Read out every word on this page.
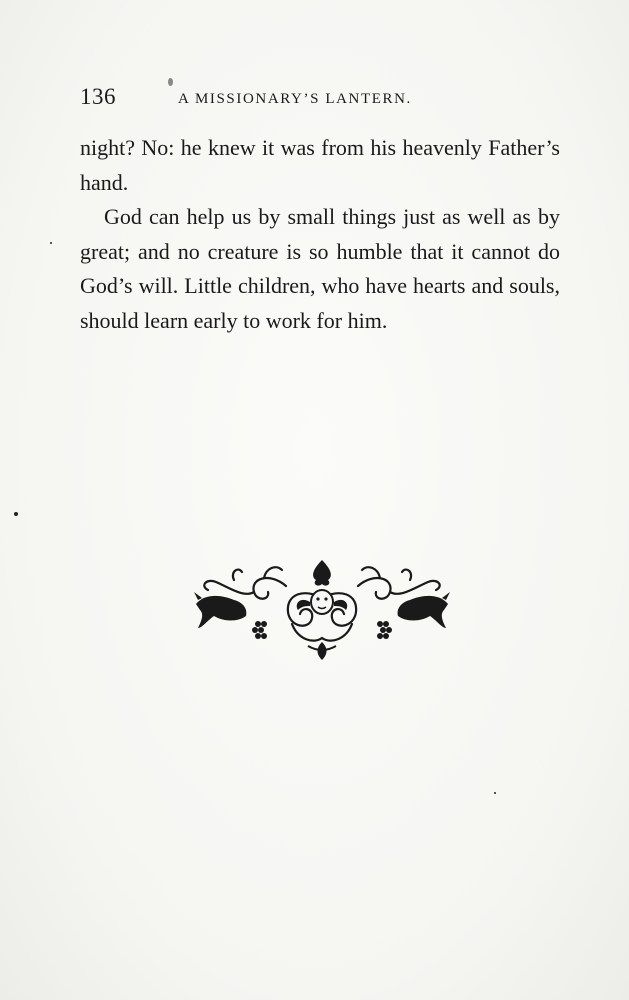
136	A MISSIONARY’S LANTERN.

night? No: he knew it was from his heavenly Father’s hand.

God can help us by small things just as well as by great; and no creature is so humble that it cannot do God’s will. Little children, who have hearts and souls, should learn early to work for him.
